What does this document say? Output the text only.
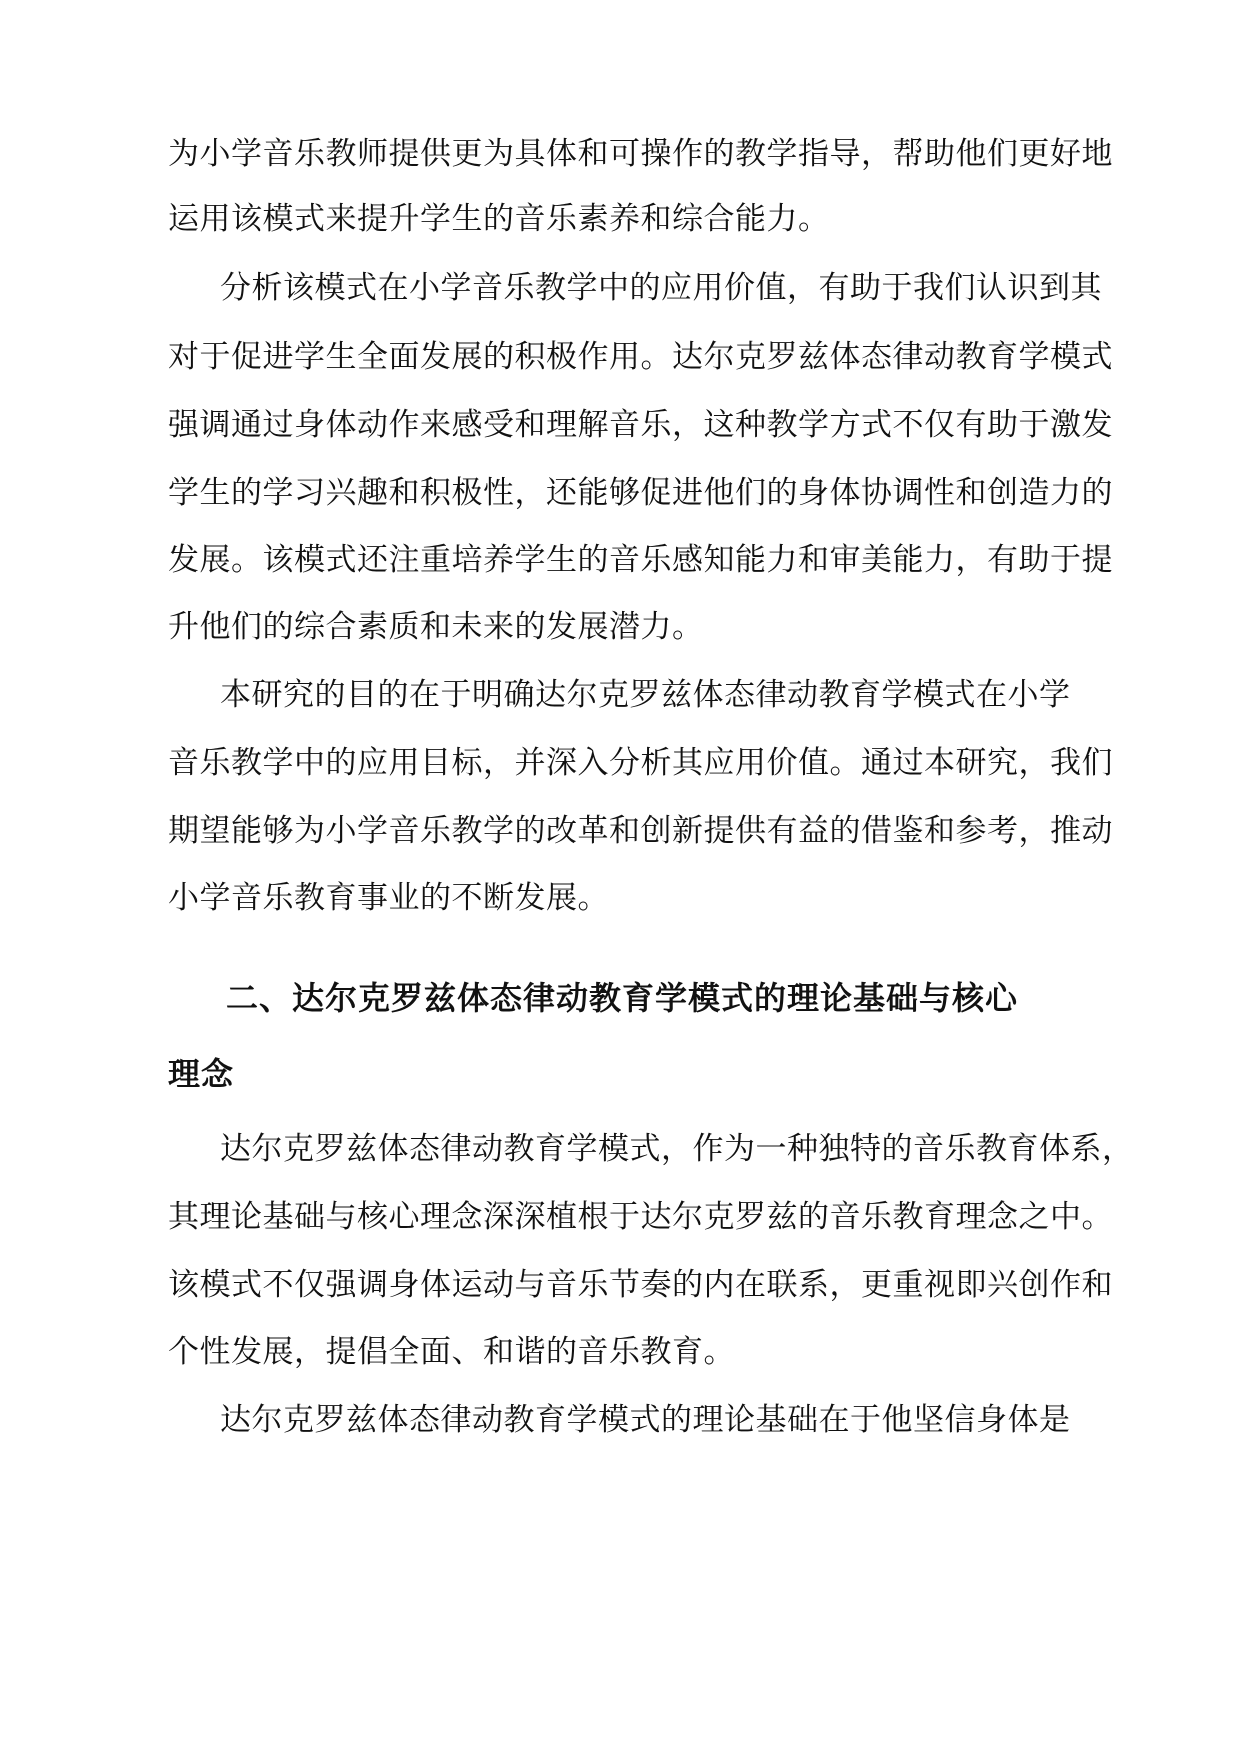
为小学音乐教师提供更为具体和可操作的教学指导，帮助他们更好地
运用该模式来提升学生的音乐素养和综合能力。
分析该模式在小学音乐教学中的应用价值，有助于我们认识到其
对于促进学生全面发展的积极作用。达尔克罗兹体态律动教育学模式
强调通过身体动作来感受和理解音乐，这种教学方式不仅有助于激发
学生的学习兴趣和积极性，还能够促进他们的身体协调性和创造力的
发展。该模式还注重培养学生的音乐感知能力和审美能力，有助于提
升他们的综合素质和未来的发展潜力。
本研究的目的在于明确达尔克罗兹体态律动教育学模式在小学
音乐教学中的应用目标，并深入分析其应用价值。通过本研究，我们
期望能够为小学音乐教学的改革和创新提供有益的借鉴和参考，推动
小学音乐教育事业的不断发展。
二、达尔克罗兹体态律动教育学模式的理论基础与核心
理念
达尔克罗兹体态律动教育学模式，作为一种独特的音乐教育体系，
其理论基础与核心理念深深植根于达尔克罗兹的音乐教育理念之中。
该模式不仅强调身体运动与音乐节奏的内在联系，更重视即兴创作和
个性发展，提倡全面、和谐的音乐教育。
达尔克罗兹体态律动教育学模式的理论基础在于他坚信身体是
